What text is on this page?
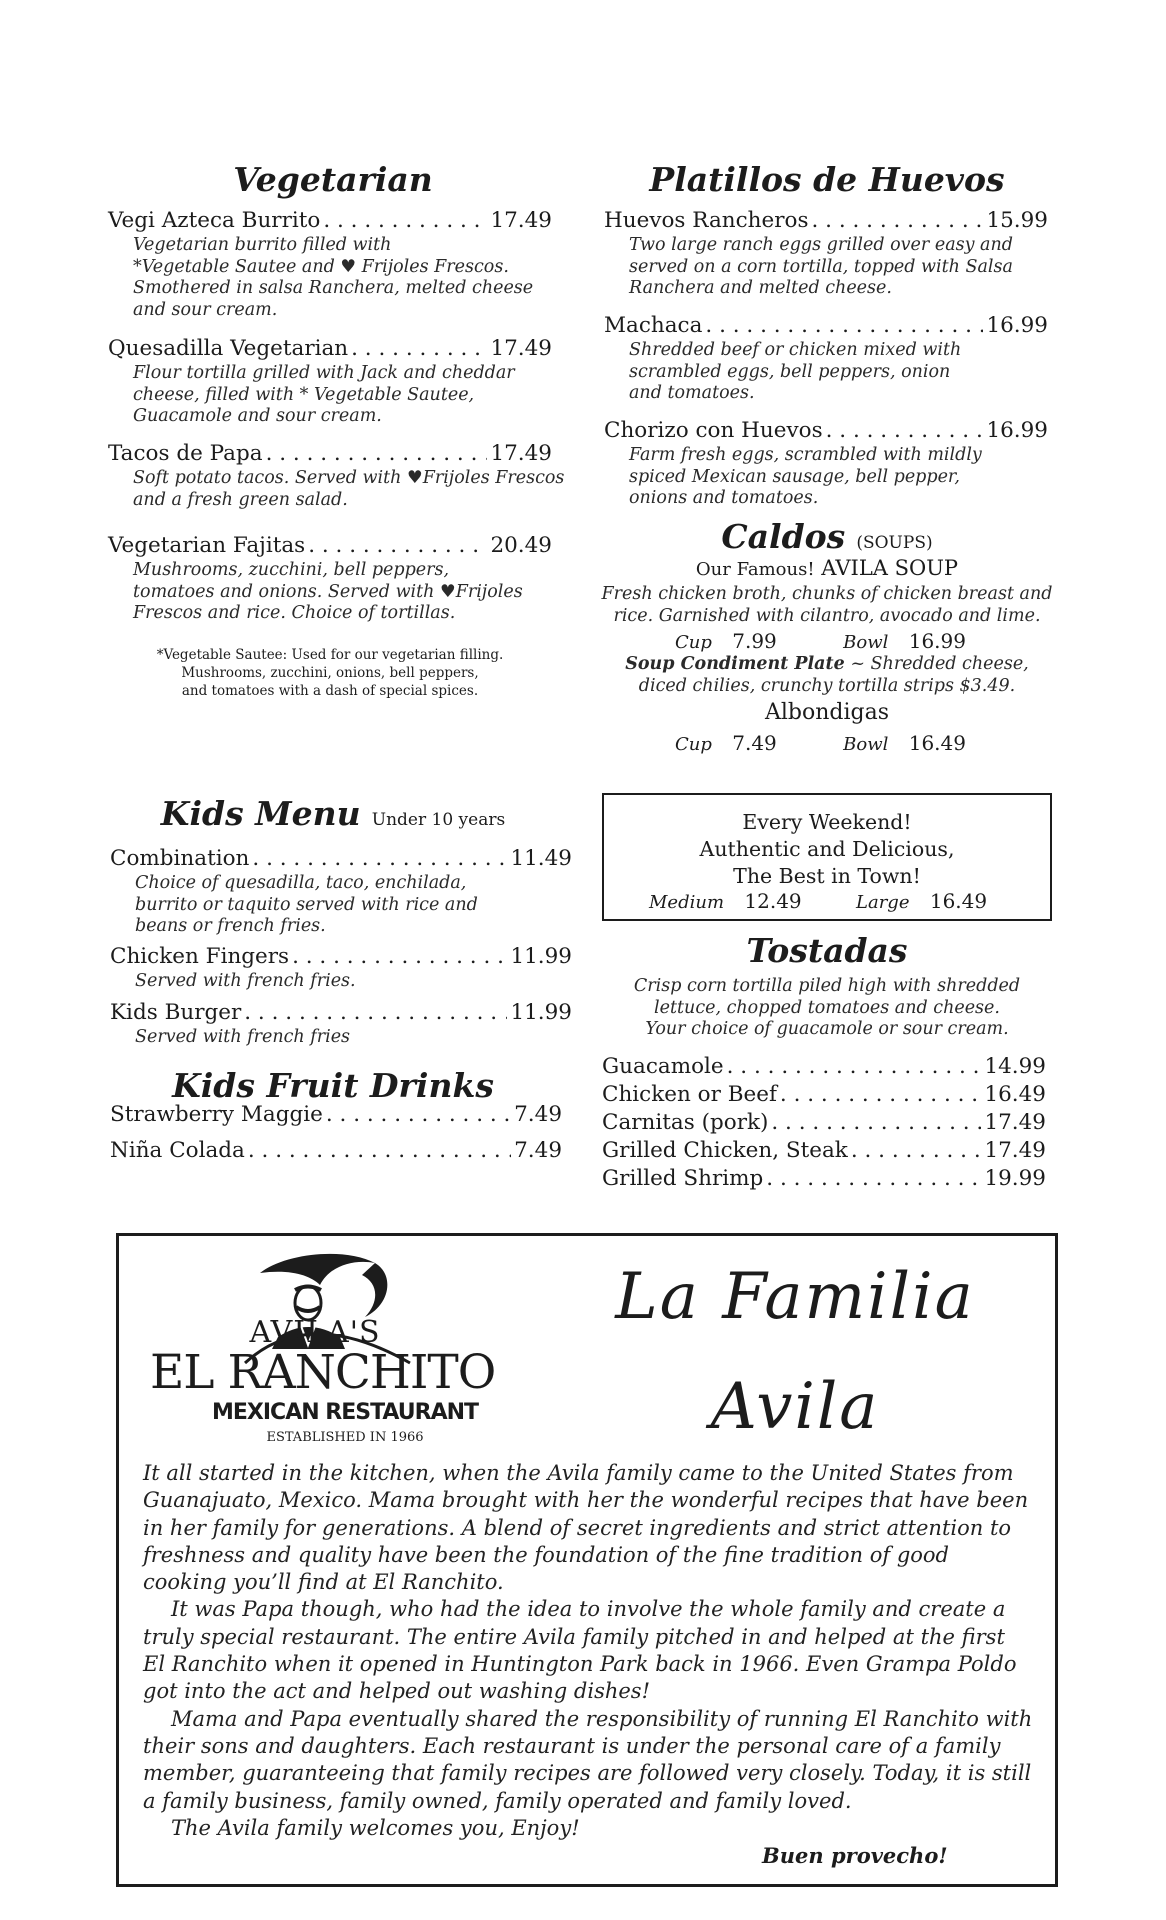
Vegetarian
Vegi Azteca Burrito . . .	17.49

Vegetarian burrito filled with

*Vegetable Sautee and ♥ Frijoles Frescos.

Smothered in salsa Ranchera, melted cheese

and sour cream.

Quesadilla Vegetarian . . .	17.49

Flour tortilla grilled with Jack and cheddar

cheese, filled with * Vegetable Sautee,

Guacamole and sour cream.

Tacos de Papa . . .	17.49

Soft potato tacos. Served with ♥Frijoles Frescos

and a fresh green salad.

Vegetarian Fajitas . . .	20.49

Mushrooms, zucchini, bell peppers,

tomatoes and onions. Served with ♥Frijoles

Frescos and rice. Choice of tortillas.

*Vegetable Sautee: Used for our vegetarian filling.
Mushrooms, zucchini, onions, bell peppers,
and tomatoes with a dash of special spices.
Platillos de Huevos
Huevos Rancheros . . .	15.99

Two large ranch eggs grilled over easy and

served on a corn tortilla, topped with Salsa

Ranchera and melted cheese.

Machaca . . .	16.99

Shredded beef or chicken mixed with

scrambled eggs, bell peppers, onion

and tomatoes.

Chorizo con Huevos . . .	16.99

Farm fresh eggs, scrambled with mildly

spiced Mexican sausage, bell pepper,

onions and tomatoes.

Caldos (SOUPS)
Our Famous! AVILA SOUP
Fresh chicken broth, chunks of chicken breast and
rice. Garnished with cilantro, avocado and lime.
Cup 7.99	Bowl 16.99
Soup Condiment Plate ~ Shredded cheese,
diced chilies, crunchy tortilla strips $3.49.
Albondigas
Cup 7.49	Bowl 16.49
Every Weekend!
Authentic and Delicious,
The Best in Town!
Medium 12.49	Large 16.49
Tostadas
Crisp corn tortilla piled high with shredded
lettuce, chopped tomatoes and cheese.
Your choice of guacamole or sour cream.
Guacamole . . .	14.99
Chicken or Beef . . .	16.49
Carnitas (pork) . . .	17.49
Grilled Chicken, Steak . . .	17.49
Grilled Shrimp . . .	19.99
Kids Menu Under 10 years
Combination . . .	11.49

Choice of quesadilla, taco, enchilada,

burrito or taquito served with rice and

beans or french fries.

Chicken Fingers . . .	11.99

Served with french fries.

Kids Burger . . .	11.99

Served with french fries

Kids Fruit Drinks
Strawberry Maggie . . .	7.49
Niña Colada . . .	7.49
AVILA'S
EL RANCHITO
MEXICAN RESTAURANT
ESTABLISHED IN 1966
La Familia
Avila

It all started in the kitchen, when the Avila family came to the United States from Guanajuato, Mexico. Mama brought with her the wonderful recipes that have been in her family for generations. A blend of secret ingredients and strict attention to freshness and quality have been the foundation of the fine tradition of good cooking you’ll find at El Ranchito.

It was Papa though, who had the idea to involve the whole family and create a truly special restaurant. The entire Avila family pitched in and helped at the first El Ranchito when it opened in Huntington Park back in 1966. Even Grampa Poldo got into the act and helped out washing dishes!

Mama and Papa eventually shared the responsibility of running El Ranchito with their sons and daughters. Each restaurant is under the personal care of a family member, guaranteeing that family recipes are followed very closely. Today, it is still a family business, family owned, family operated and family loved.

The Avila family welcomes you, Enjoy!

Buen provecho!
